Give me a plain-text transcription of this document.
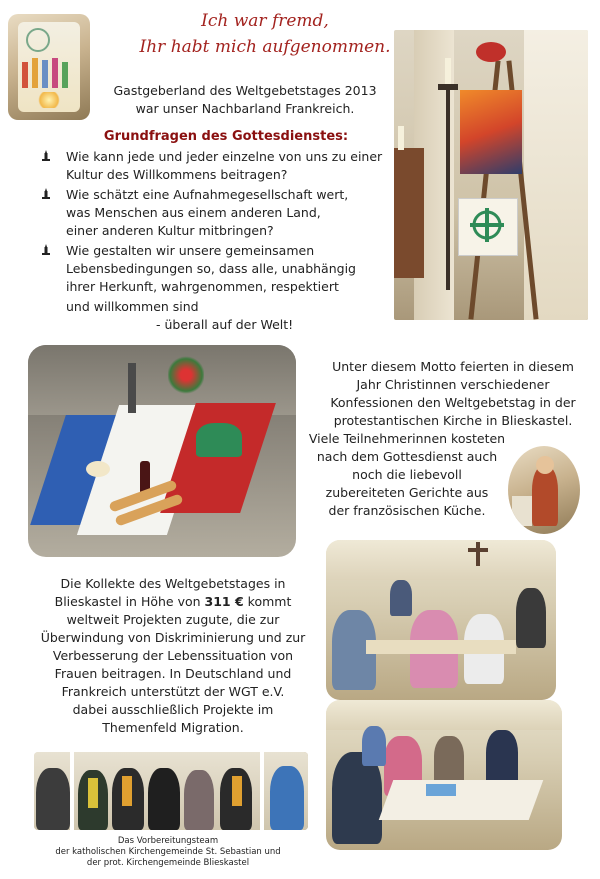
Ich war fremd,
Ihr habt mich aufgenommen.
Gastgeberland des Weltgebetstages 2013
war unser Nachbarland Frankreich.
Grundfragen des Gottesdienstes:
Wie kann jede und jeder einzelne von uns zu einer
Kultur des Willkommens beitragen?
Wie schätzt eine Aufnahmegesellschaft wert,
was Menschen aus einem anderen Land,
einer anderen Kultur mitbringen?
Wie gestalten wir unsere gemeinsamen
Lebensbedingungen so, dass alle, unabhängig
ihrer Herkunft, wahrgenommen, respektiert
und willkommen sind
- überall auf der Welt!
Unter diesem Motto feierten in diesem
Jahr Christinnen verschiedener
Konfessionen den Weltgebetstag in der
protestantischen Kirche in Blieskastel.
Viele Teilnehmerinnen kosteten
nach dem Gottesdienst auch
noch die liebevoll
zubereiteten Gerichte aus
der französischen Küche.
Die Kollekte des Weltgebetstages in
Blieskastel in Höhe von 311 € kommt
weltweit Projekten zugute, die zur
Überwindung von Diskriminierung und zur
Verbesserung der Lebenssituation von
Frauen beitragen. In Deutschland und
Frankreich unterstützt der WGT e.V.
dabei ausschließlich Projekte im
Themenfeld Migration.
Das Vorbereitungsteam
der katholischen Kirchengemeinde St. Sebastian und
der prot. Kirchengemeinde Blieskastel
